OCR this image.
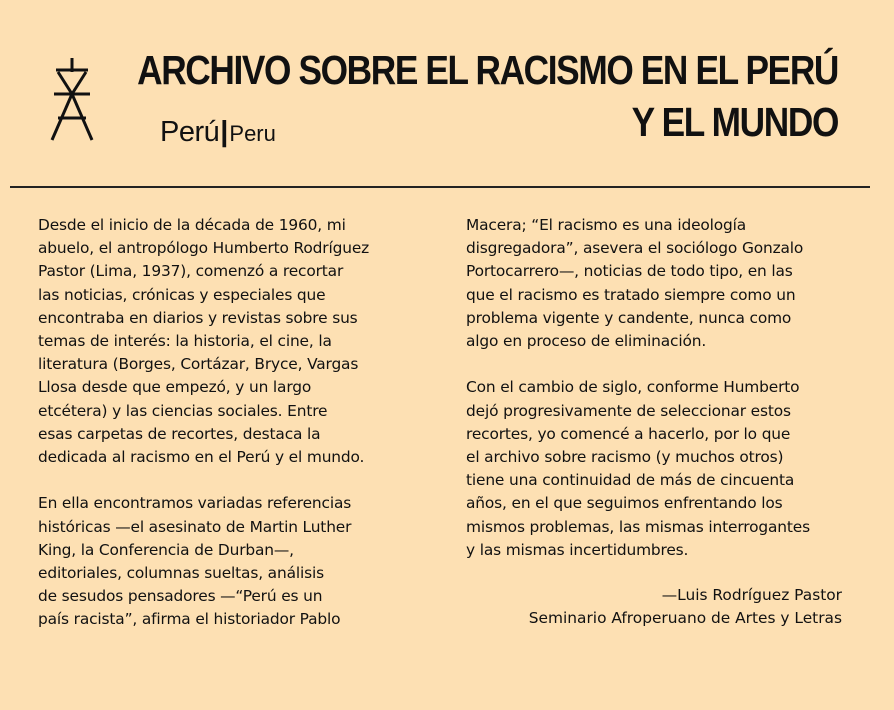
ARCHIVO SOBRE EL RACISMO EN EL PERÚ
Y EL MUNDO
Perú|Peru
Desde el inicio de la década de 1960, mi
abuelo, el antropólogo Humberto Rodríguez
Pastor (Lima, 1937), comenzó a recortar
las noticias, crónicas y especiales que
encontraba en diarios y revistas sobre sus
temas de interés: la historia, el cine, la
literatura (Borges, Cortázar, Bryce, Vargas
Llosa desde que empezó, y un largo
etcétera) y las ciencias sociales. Entre
esas carpetas de recortes, destaca la
dedicada al racismo en el Perú y el mundo.
En ella encontramos variadas referencias
históricas —el asesinato de Martin Luther
King, la Conferencia de Durban—,
editoriales, columnas sueltas, análisis
de sesudos pensadores —“Perú es un
país racista”, afirma el historiador Pablo
Macera; “El racismo es una ideología
disgregadora”, asevera el sociólogo Gonzalo
Portocarrero—, noticias de todo tipo, en las
que el racismo es tratado siempre como un
problema vigente y candente, nunca como
algo en proceso de eliminación.
Con el cambio de siglo, conforme Humberto
dejó progresivamente de seleccionar estos
recortes, yo comencé a hacerlo, por lo que
el archivo sobre racismo (y muchos otros)
tiene una continuidad de más de cincuenta
años, en el que seguimos enfrentando los
mismos problemas, las mismas interrogantes
y las mismas incertidumbres.
—Luis Rodríguez Pastor
Seminario Afroperuano de Artes y Letras
